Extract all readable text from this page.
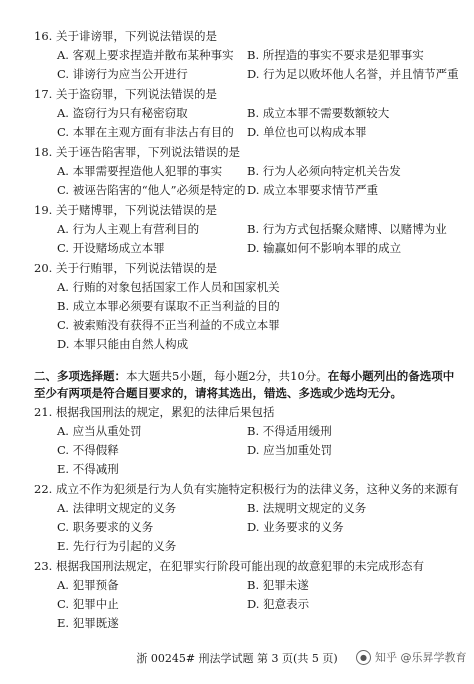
16. 关于诽谤罪，下列说法错误的是
A. 客观上要求捏造并散布某种事实 B. 所捏造的事实不要求是犯罪事实
C. 诽谤行为应当公开进行	D. 行为足以败坏他人名誉，并且情节严重
17. 关于盗窃罪，下列说法错误的是
A. 盗窃行为只有秘密窃取	B. 成立本罪不需要数额较大
C. 本罪在主观方面有非法占有目的 D. 单位也可以构成本罪
18. 关于诬告陷害罪，下列说法错误的是
A. 本罪需要捏造他人犯罪的事实 B. 行为人必须向特定机关告发
C. 被诬告陷害的“他人”必须是特定的 D. 成立本罪要求情节严重
19. 关于赌博罪，下列说法错误的是
A. 行为人主观上有营利目的	B. 行为方式包括聚众赌博、以赌博为业
C. 开设赌场成立本罪	D. 输赢如何不影响本罪的成立
20. 关于行贿罪，下列说法错误的是
A. 行贿的对象包括国家工作人员和国家机关
B. 成立本罪必须要有谋取不正当利益的目的
C. 被索贿没有获得不正当利益的不成立本罪
D. 本罪只能由自然人构成
二、多项选择题：本大题共5小题，每小题2分，共10分。在每小题列出的备选项中
至少有两项是符合题目要求的，请将其选出，错选、多选或少选均无分。
21. 根据我国刑法的规定，累犯的法律后果包括
A. 应当从重处罚	B. 不得适用缓刑
C. 不得假释	D. 应当加重处罚
E. 不得减刑
22. 成立不作为犯须是行为人负有实施特定积极行为的法律义务，这种义务的来源有
A. 法律明文规定的义务	B. 法规明文规定的义务
C. 职务要求的义务	D. 业务要求的义务
E. 先行行为引起的义务
23. 根据我国刑法规定，在犯罪实行阶段可能出现的故意犯罪的未完成形态有
A. 犯罪预备	B. 犯罪未遂
C. 犯罪中止	D. 犯意表示
E. 犯罪既遂
浙 00245# 刑法学试题 第 3 页(共 5 页)	● 知乎 @乐昇学教育
